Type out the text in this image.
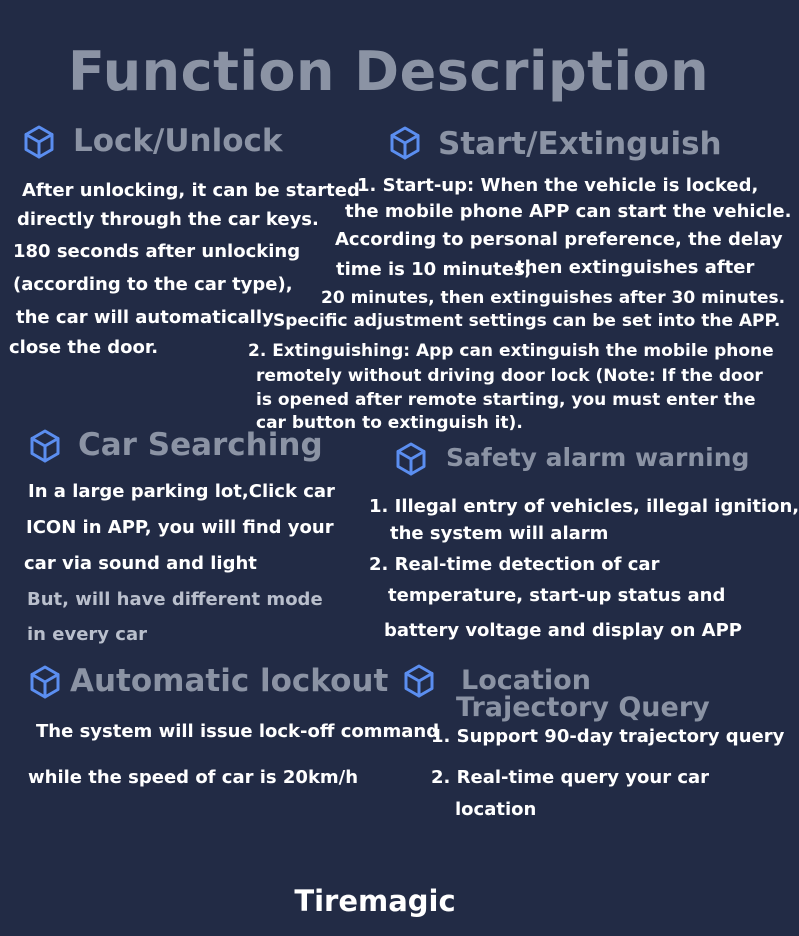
Function Description
Lock/Unlock
After unlocking, it can be started
directly through the car keys.
180 seconds after unlocking
(according to the car type),
the car will automatically
close the door.
Start/Extinguish
1. Start-up: When the vehicle is locked,
the mobile phone APP can start the vehicle.
According to personal preference, the delay
time is 10 minutes,
then extinguishes after
20 minutes, then extinguishes after 30 minutes.
Specific adjustment settings can be set into the APP.
2. Extinguishing: App can extinguish the mobile phone
remotely without driving door lock (Note: If the door
is opened after remote starting, you must enter the
car button to extinguish it).
Car Searching
In a large parking lot,Click car
ICON in APP, you will find your
car via sound and light
But, will have different mode
in every car
Safety alarm warning
1. Illegal entry of vehicles, illegal ignition,
the system will alarm
2. Real-time detection of car
temperature, start-up status and
battery voltage and display on APP
Automatic lockout
The system will issue lock-off command
while the speed of car is 20km/h
Location
Trajectory Query
1. Support 90-day trajectory query
2. Real-time query your car
location
Tiremagic
